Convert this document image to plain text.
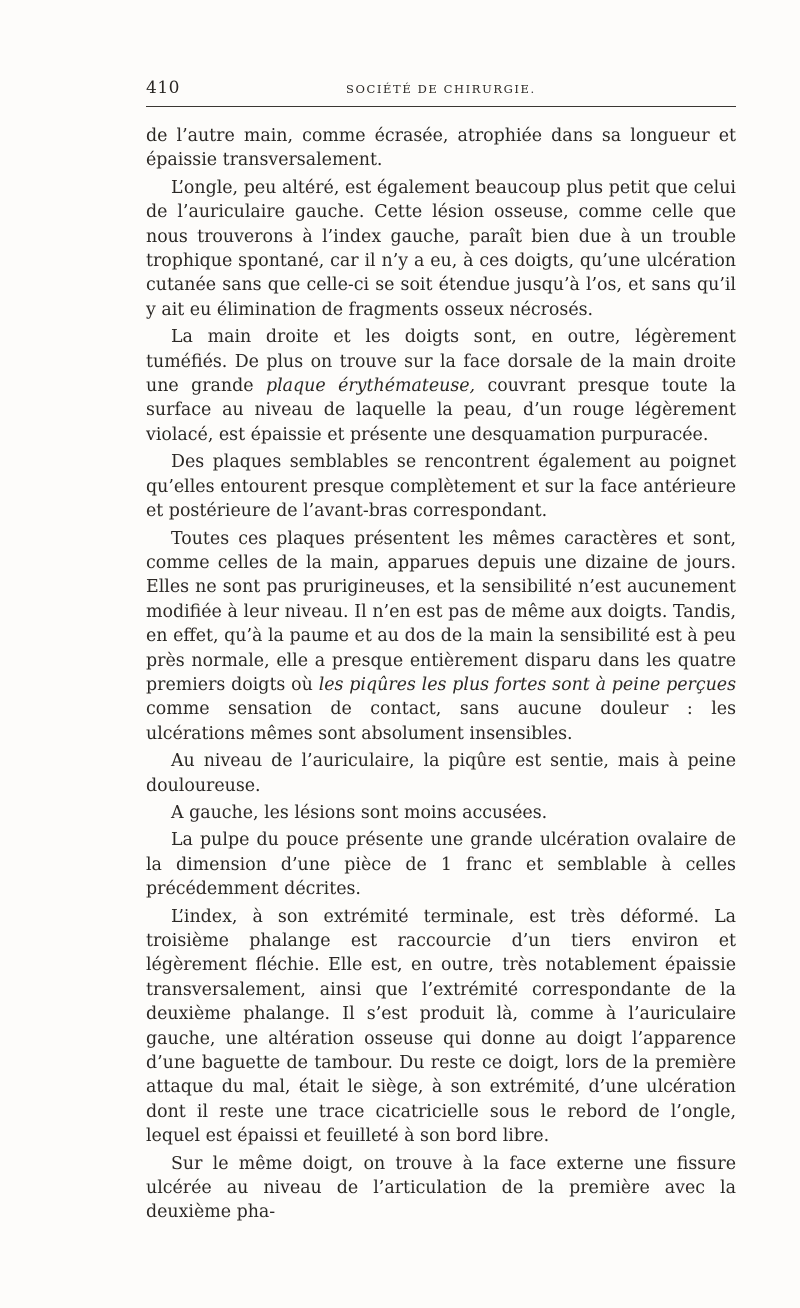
410	SOCIÉTÉ DE CHIRURGIE.

de l’autre main, comme écrasée, atrophiée dans sa longueur et épaissie transversalement.

L’ongle, peu altéré, est également beaucoup plus petit que celui de l’auriculaire gauche. Cette lésion osseuse, comme celle que nous trouverons à l’index gauche, paraît bien due à un trouble trophique spontané, car il n’y a eu, à ces doigts, qu’une ulcération cutanée sans que celle-ci se soit étendue jusqu’à l’os, et sans qu’il y ait eu élimination de fragments osseux nécrosés.

La main droite et les doigts sont, en outre, légèrement tuméfiés. De plus on trouve sur la face dorsale de la main droite une grande plaque érythémateuse, couvrant presque toute la surface au niveau de laquelle la peau, d’un rouge légèrement violacé, est épaissie et présente une desquamation purpuracée.

Des plaques semblables se rencontrent également au poignet qu’elles entourent presque complètement et sur la face antérieure et postérieure de l’avant-bras correspondant.

Toutes ces plaques présentent les mêmes caractères et sont, comme celles de la main, apparues depuis une dizaine de jours. Elles ne sont pas prurigineuses, et la sensibilité n’est aucunement modifiée à leur niveau. Il n’en est pas de même aux doigts. Tandis, en effet, qu’à la paume et au dos de la main la sensibilité est à peu près normale, elle a presque entièrement disparu dans les quatre premiers doigts où les piqûres les plus fortes sont à peine perçues comme sensation de contact, sans aucune douleur : les ulcérations mêmes sont absolument insensibles.

Au niveau de l’auriculaire, la piqûre est sentie, mais à peine douloureuse.

A gauche, les lésions sont moins accusées.

La pulpe du pouce présente une grande ulcération ovalaire de la dimension d’une pièce de 1 franc et semblable à celles précédemment décrites.

L’index, à son extrémité terminale, est très déformé. La troisième phalange est raccourcie d’un tiers environ et légèrement fléchie. Elle est, en outre, très notablement épaissie transversalement, ainsi que l’extrémité correspondante de la deuxième phalange. Il s’est produit là, comme à l’auriculaire gauche, une altération osseuse qui donne au doigt l’apparence d’une baguette de tambour. Du reste ce doigt, lors de la première attaque du mal, était le siège, à son extrémité, d’une ulcération dont il reste une trace cicatricielle sous le rebord de l’ongle, lequel est épaissi et feuilleté à son bord libre.

Sur le même doigt, on trouve à la face externe une fissure ulcérée au niveau de l’articulation de la première avec la deuxième pha-
